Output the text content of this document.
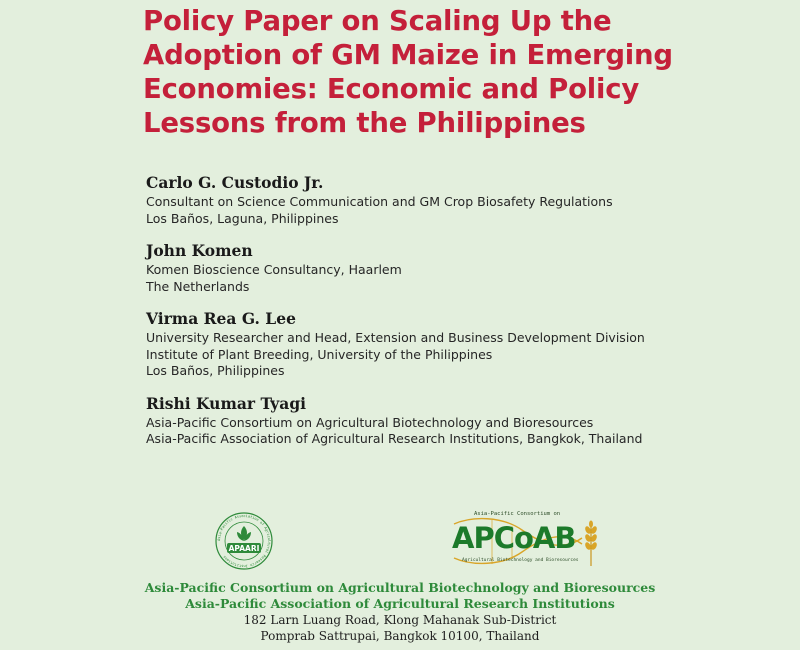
Policy Paper on Scaling Up the
Adoption of GM Maize in Emerging
Economies: Economic and Policy
Lessons from the Philippines

Carlo G. Custodio Jr.

Consultant on Science Communication and GM Crop Biosafety Regulations

Los Baños, Laguna, Philippines

John Komen

Komen Bioscience Consultancy, Haarlem

The Netherlands

Virma Rea G. Lee

University Researcher and Head, Extension and Business Development Division

Institute of Plant Breeding, University of the Philippines

Los Baños, Philippines

Rishi Kumar Tyagi

Asia-Pacific Consortium on Agricultural Biotechnology and Bioresources

Asia-Pacific Association of Agricultural Research Institutions, Bangkok, Thailand

Asia-Pacific Association of Agricultural Research Institutions
APAARI
Asia-Pacific Consortium on
APCoAB
Agricultural Biotechnology and Bioresources

Asia-Pacific Consortium on Agricultural Biotechnology and Bioresources

Asia-Pacific Association of Agricultural Research Institutions

182 Larn Luang Road, Klong Mahanak Sub-District

Pomprab Sattrupai, Bangkok 10100, Thailand
